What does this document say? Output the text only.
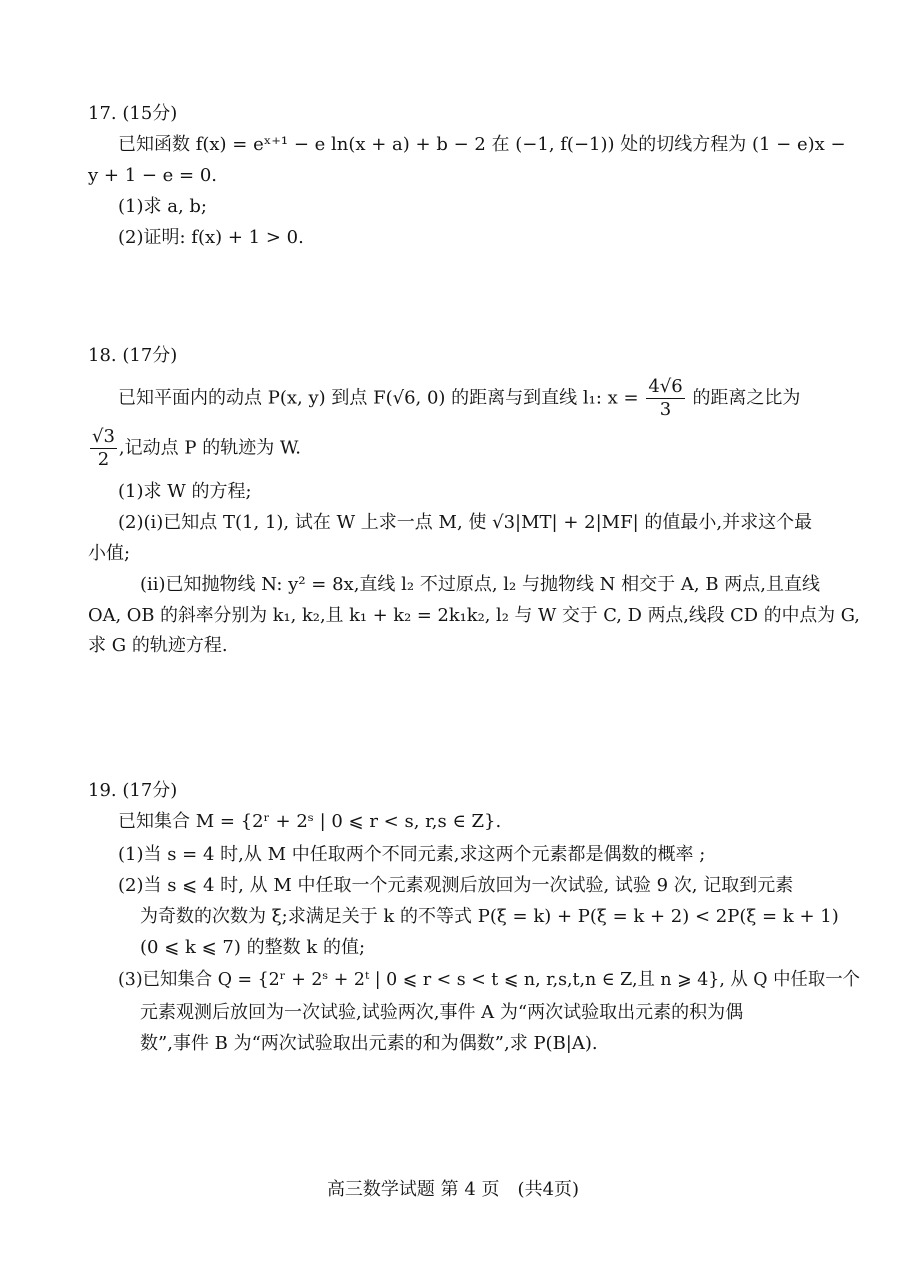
17. (15分)
已知函数 f(x) = eˣ⁺¹ − e ln(x + a) + b − 2 在 (−1, f(−1)) 处的切线方程为 (1 − e)x −
y + 1 − e = 0.
(1)求 a, b;
(2)证明: f(x) + 1 > 0.
18. (17分)
已知平面内的动点 P(x, y) 到点 F(√6, 0) 的距离与到直线 l₁: $x = \frac{4√6}{3}$ 的距离之比为
$\frac{√3}{2}$ ,记动点 P 的轨迹为 W.
(1)求 W 的方程;
(2)(i)已知点 T(1, 1), 试在 W 上求一点 M, 使 √3|MT| + 2|MF| 的值最小,并求这个最
小值;
(ii)已知抛物线 N: y² = 8x,直线 l₂ 不过原点, l₂ 与抛物线 N 相交于 A, B 两点,且直线
OA, OB 的斜率分别为 k₁, k₂,且 k₁ + k₂ = 2k₁k₂, l₂ 与 W 交于 C, D 两点,线段 CD 的中点为 G,
求 G 的轨迹方程.
19. (17分)
已知集合 M = {2ʳ + 2ˢ | 0 ⩽ r < s, r,s ∈ Z}.
(1)当 s = 4 时,从 M 中任取两个不同元素,求这两个元素都是偶数的概率 ;
(2)当 s ⩽ 4 时, 从 M 中任取一个元素观测后放回为一次试验, 试验 9 次, 记取到元素
为奇数的次数为 ξ;求满足关于 k 的不等式 P(ξ = k) + P(ξ = k + 2) < 2P(ξ = k + 1)
(0 ⩽ k ⩽ 7) 的整数 k 的值;
(3)已知集合 Q = {2ʳ + 2ˢ + 2ᵗ | 0 ⩽ r < s < t ⩽ n, r,s,t,n ∈ Z,且 n ⩾ 4}, 从 Q 中任取一个
元素观测后放回为一次试验,试验两次,事件 A 为“两次试验取出元素的积为偶
数”,事件 B 为“两次试验取出元素的和为偶数”,求 P(B|A).
高三数学试题 第 4 页　(共4页)
